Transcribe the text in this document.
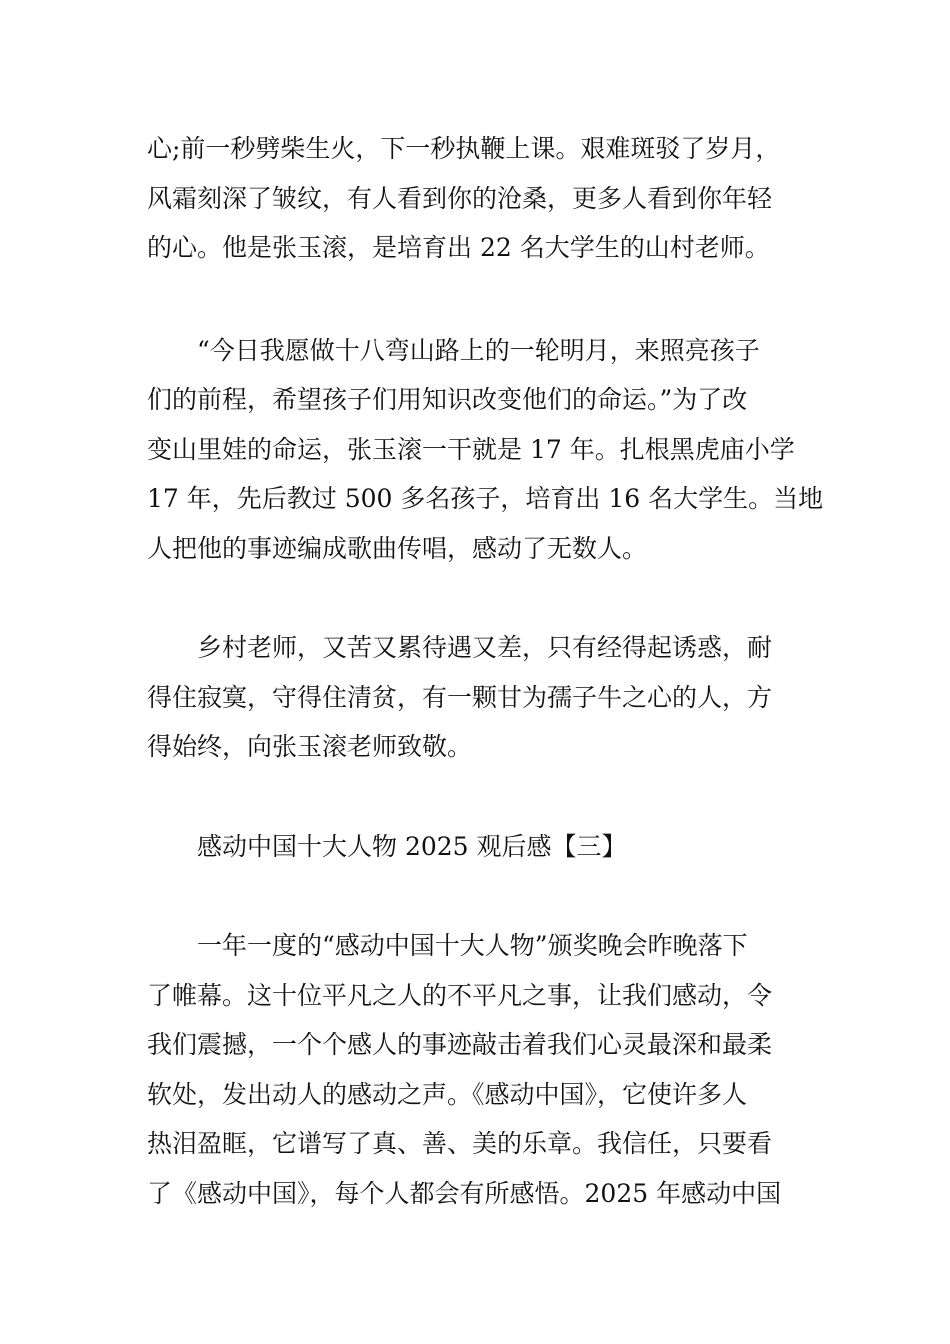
心;前一秒劈柴生火，下一秒执鞭上课。艰难斑驳了岁月，
风霜刻深了皱纹，有人看到你的沧桑，更多人看到你年轻
的心。他是张玉滚，是培育出 22 名大学生的山村老师。
“今日我愿做十八弯山路上的一轮明月，来照亮孩子
们的前程，希望孩子们用知识改变他们的命运。”为了改
变山里娃的命运，张玉滚一干就是 17 年。扎根黑虎庙小学
17 年，先后教过 500 多名孩子，培育出 16 名大学生。当地
人把他的事迹编成歌曲传唱，感动了无数人。
乡村老师，又苦又累待遇又差，只有经得起诱惑，耐
得住寂寞，守得住清贫，有一颗甘为孺子牛之心的人，方
得始终，向张玉滚老师致敬。
感动中国十大人物 2025 观后感【三】
一年一度的“感动中国十大人物”颁奖晚会昨晚落下
了帷幕。这十位平凡之人的不平凡之事，让我们感动，令
我们震撼，一个个感人的事迹敲击着我们心灵最深和最柔
软处，发出动人的感动之声。《感动中国》，它使许多人
热泪盈眶，它谱写了真、善、美的乐章。我信任，只要看
了《感动中国》，每个人都会有所感悟。2025 年感动中国
